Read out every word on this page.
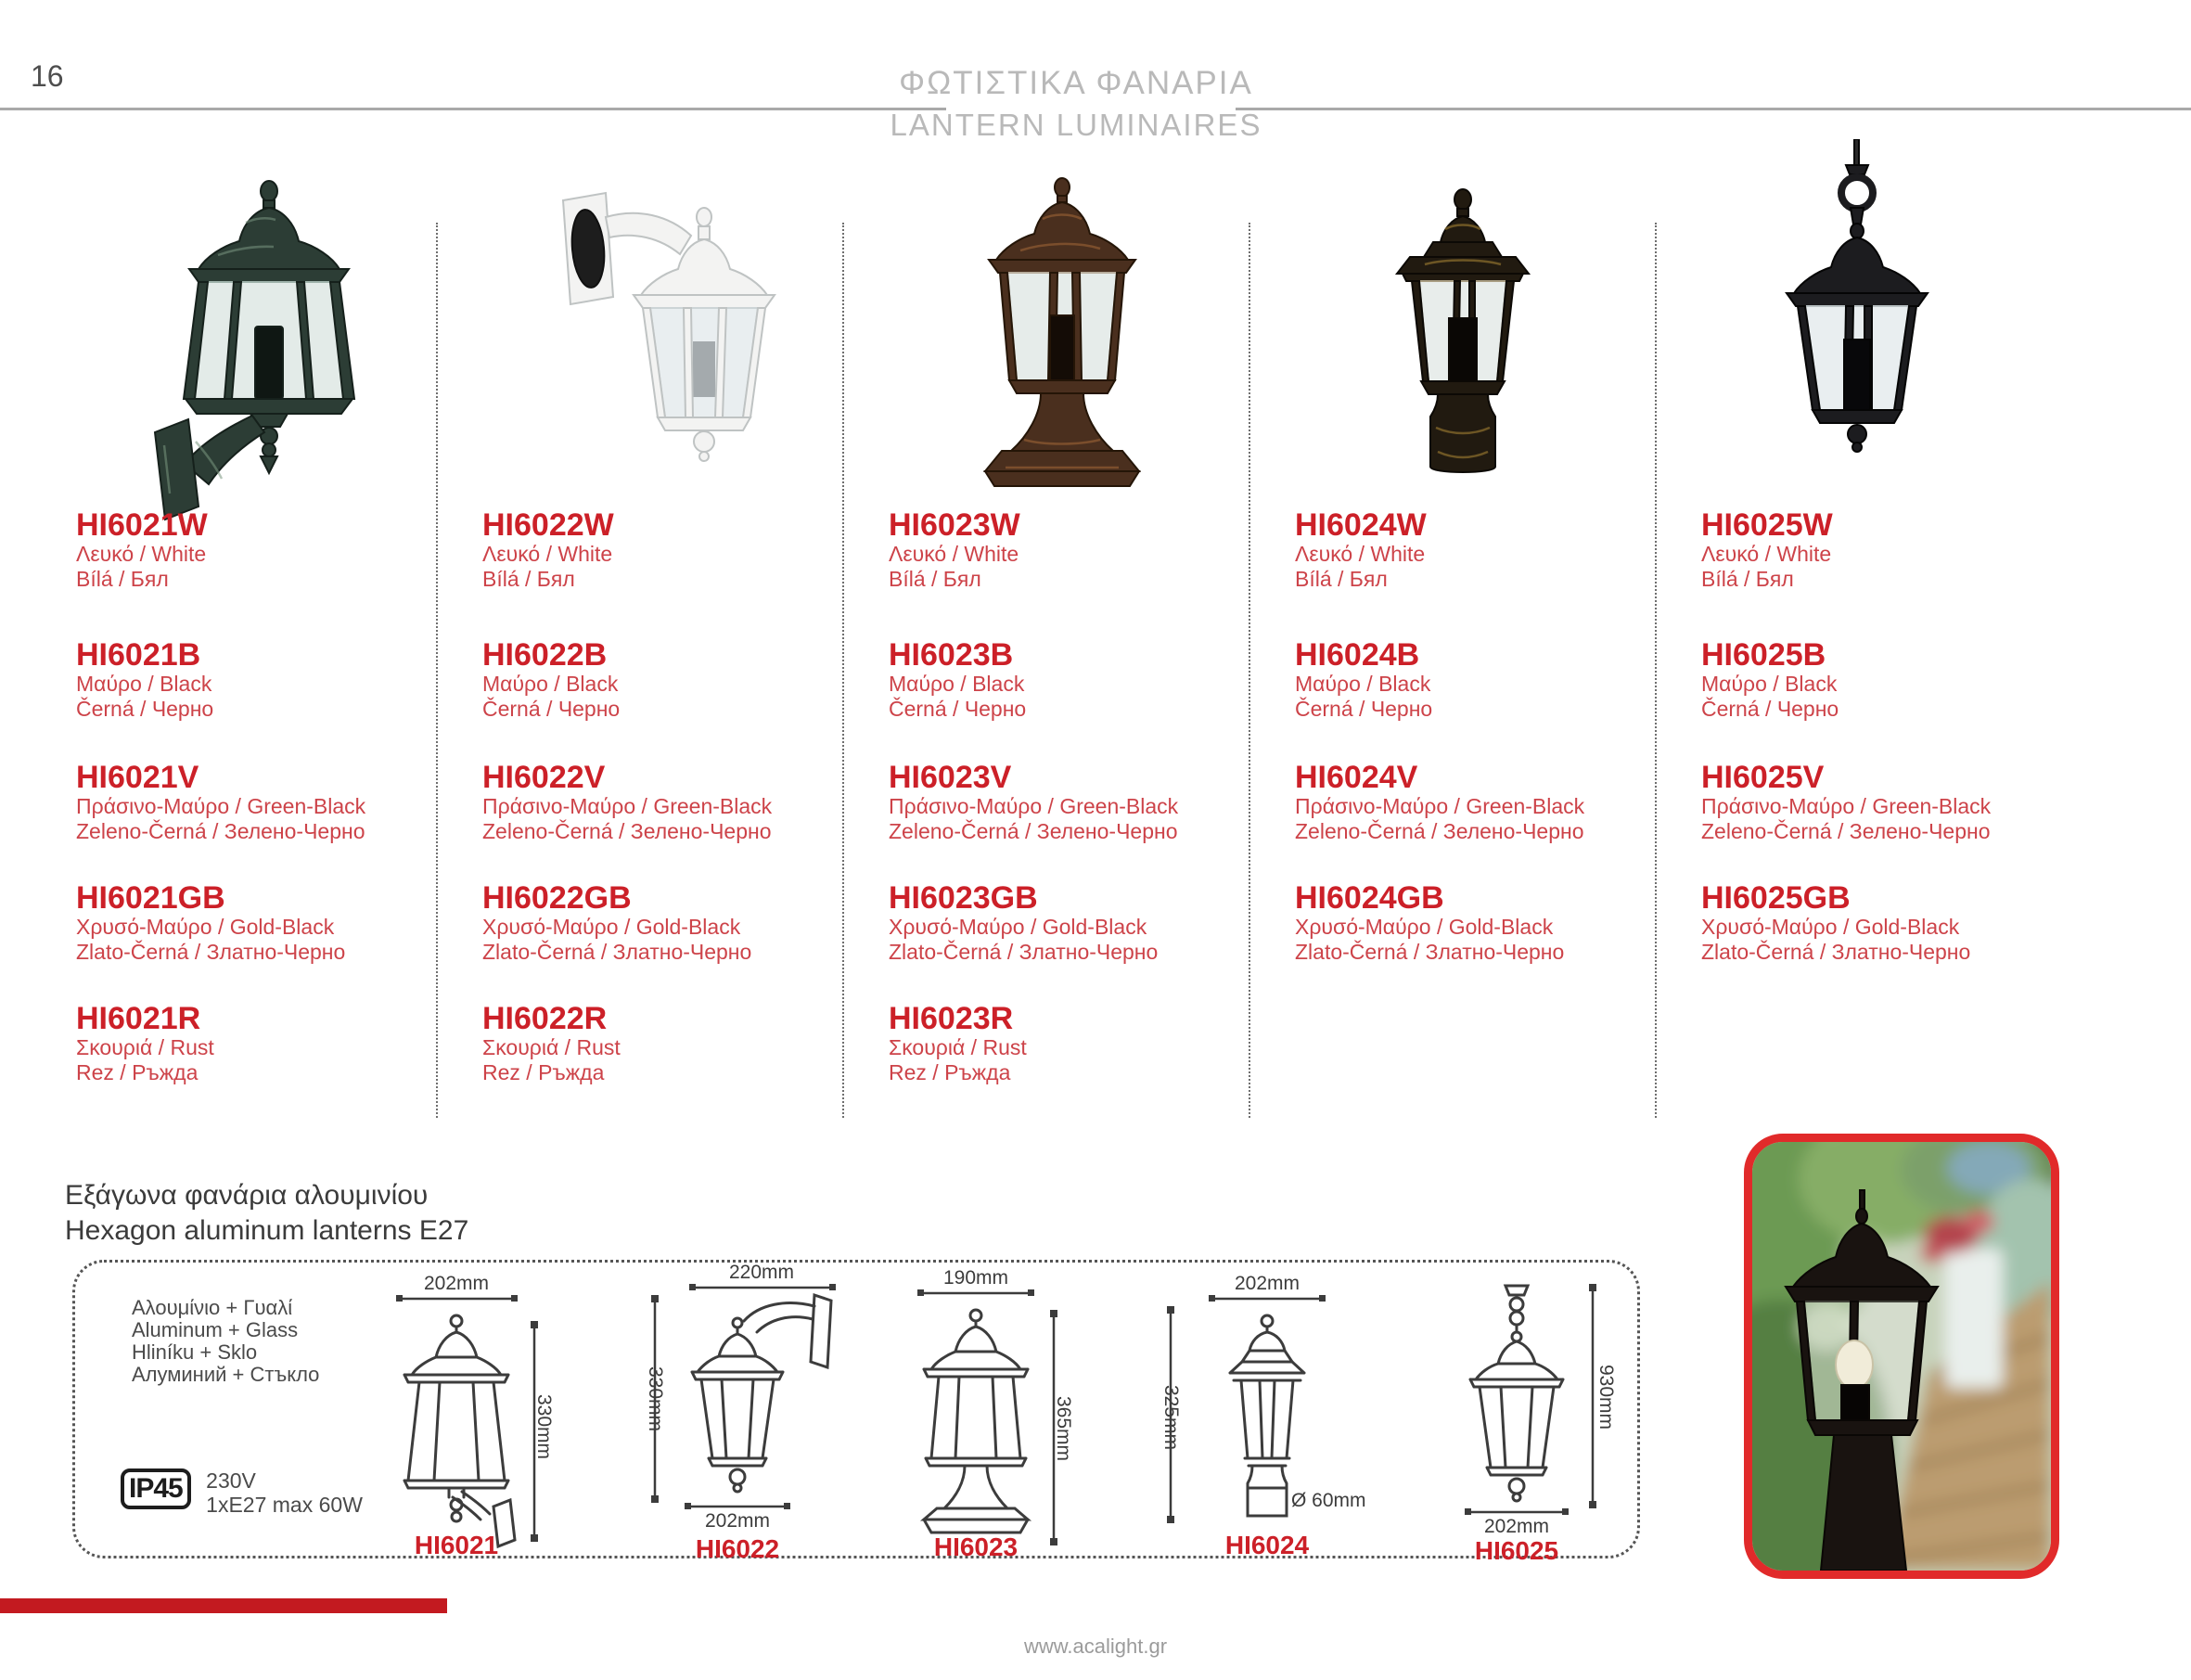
16	ΦΩΤΙΣΤΙΚΑ ΦΑΝΑΡΙΑ
LANTERN LUMINAIRES
HI6021W
Λευκό / White
Bílá / Бял
HI6021B
Μαύρο / Black
Černá / Черно
HI6021V
Πράσινο-Μαύρο / Green-Black
Zeleno-Černá / Зелено-Черно
HI6021GB
Χρυσό-Μαύρο / Gold-Black
Zlato-Černá / Златно-Черно
HI6021R
Σκουριά / Rust
Rez / Ръжда
HI6022W
Λευκό / White
Bílá / Бял
HI6022B
Μαύρο / Black
Černá / Черно
HI6022V
Πράσινο-Μαύρο / Green-Black
Zeleno-Černá / Зелено-Черно
HI6022GB
Χρυσό-Μαύρο / Gold-Black
Zlato-Černá / Златно-Черно
HI6022R
Σκουριά / Rust
Rez / Ръжда
HI6023W
Λευκό / White
Bílá / Бял
HI6023B
Μαύρο / Black
Černá / Черно
HI6023V
Πράσινο-Μαύρο / Green-Black
Zeleno-Černá / Зелено-Черно
HI6023GB
Χρυσό-Μαύρο / Gold-Black
Zlato-Černá / Златно-Черно
HI6023R
Σκουριά / Rust
Rez / Ръжда
HI6024W
Λευκό / White
Bílá / Бял
HI6024B
Μαύρο / Black
Černá / Черно
HI6024V
Πράσινο-Μαύρο / Green-Black
Zeleno-Černá / Зелено-Черно
HI6024GB
Χρυσό-Μαύρο / Gold-Black
Zlato-Černá / Златно-Черно
HI6025W
Λευκό / White
Bílá / Бял
HI6025B
Μαύρο / Black
Černá / Черно
HI6025V
Πράσινο-Μαύρο / Green-Black
Zeleno-Černá / Зелено-Черно
HI6025GB
Χρυσό-Μαύρο / Gold-Black
Zlato-Černá / Златно-Черно
Εξάγωνα φανάρια αλουμινίου
Hexagon aluminum lanterns E27
Αλουμίνιο + Γυαλί
Aluminum + Glass
Hliníku + Sklo
Алуминий + Стъкло
IP45 230V
1xE27 max 60W
202mm
330mm
HI6021
220mm
330mm
202mm
HI6022
190mm
365mm
HI6023
202mm
325mm
Ø 60mm
HI6024
930mm
202mm
HI6025
www.acalight.gr
